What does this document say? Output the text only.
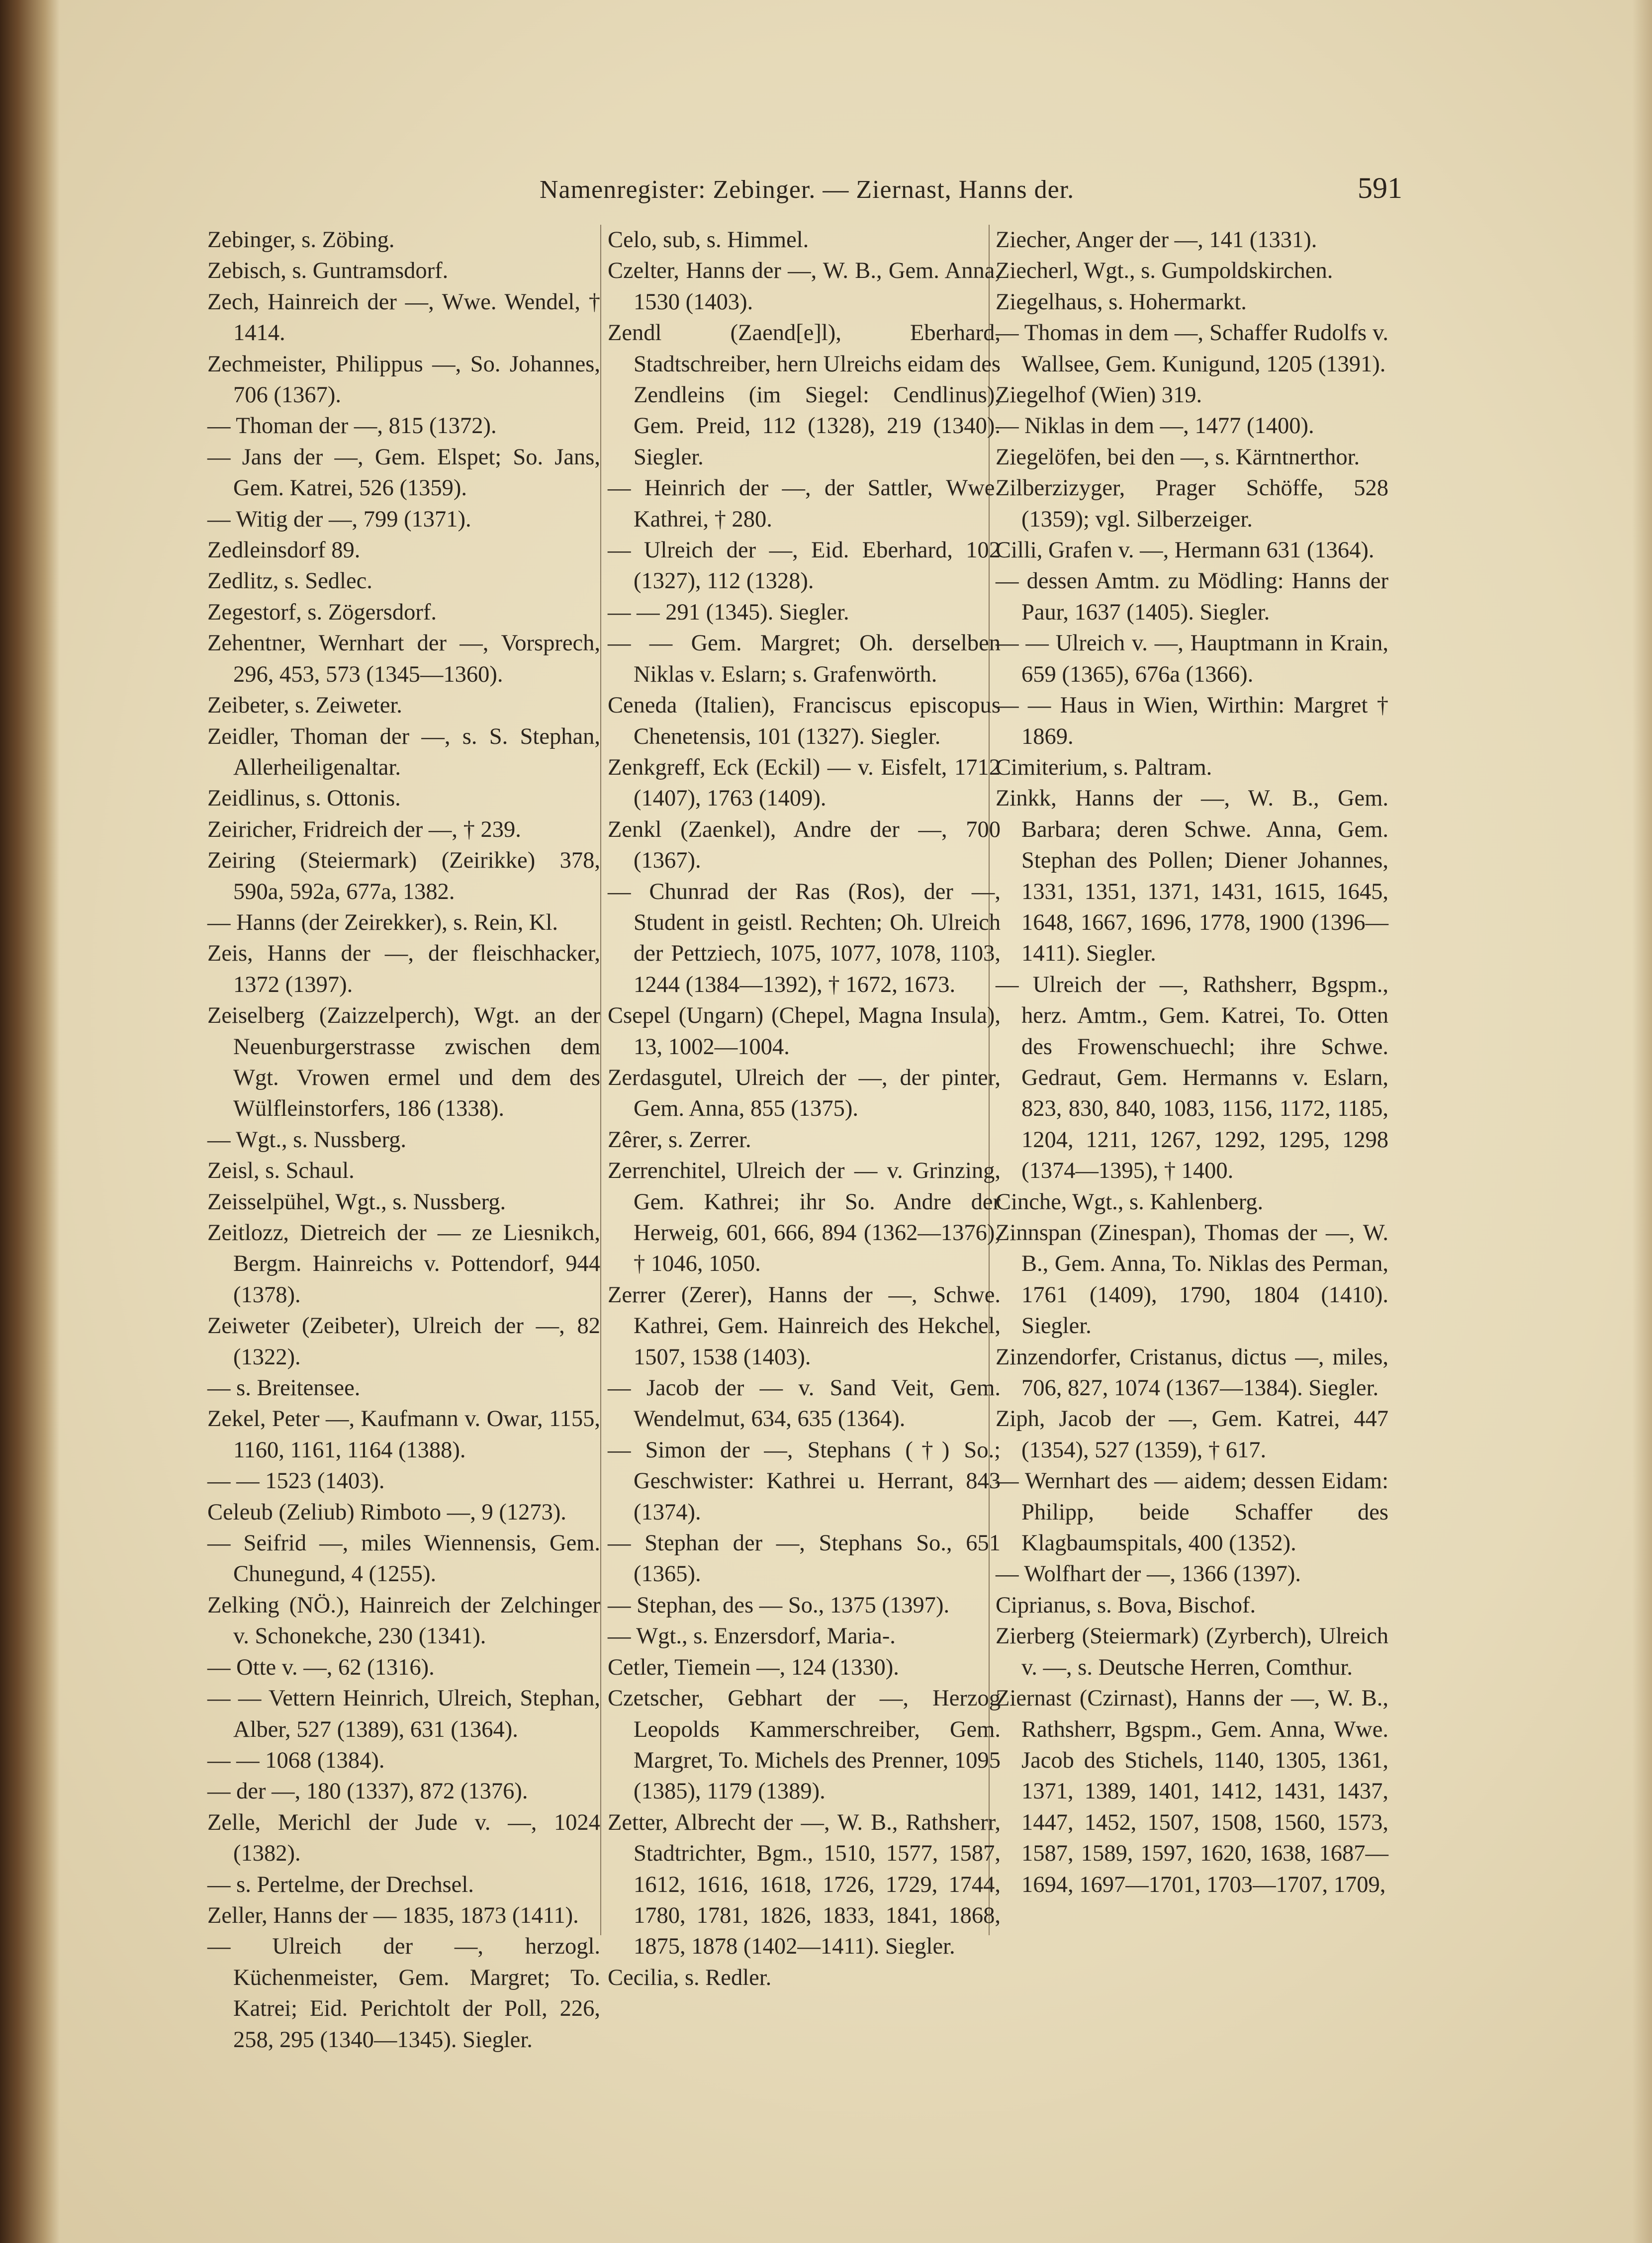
Namenregister: Zebinger. — Ziernast, Hanns der.	591

Zebinger, s. Zöbing.

Zebisch, s. Guntramsdorf.

Zech, Hainreich der —, Wwe. Wendel, † 1414.

Zechmeister, Philippus —, So. Johannes, 706 (1367).

— Thoman der —, 815 (1372).

— Jans der —, Gem. Elspet; So. Jans, Gem. Katrei, 526 (1359).

— Witig der —, 799 (1371).

Zedleinsdorf 89.

Zedlitz, s. Sedlec.

Zegestorf, s. Zögersdorf.

Zehentner, Wernhart der —, Vorsprech, 296, 453, 573 (1345—1360).

Zeibeter, s. Zeiweter.

Zeidler, Thoman der —, s. S. Stephan, Allerheiligenaltar.

Zeidlinus, s. Ottonis.

Zeiricher, Fridreich der —, † 239.

Zeiring (Steiermark) (Zeirikke) 378, 590a, 592a, 677a, 1382.

— Hanns (der Zeirekker), s. Rein, Kl.

Zeis, Hanns der —, der fleischhacker, 1372 (1397).

Zeiselberg (Zaizzelperch), Wgt. an der Neuenburgerstrasse zwischen dem Wgt. Vrowen ermel und dem des Wülfleinstorfers, 186 (1338).

— Wgt., s. Nussberg.

Zeisl, s. Schaul.

Zeisselpühel, Wgt., s. Nussberg.

Zeitlozz, Dietreich der — ze Liesnikch, Bergm. Hainreichs v. Pottendorf, 944 (1378).

Zeiweter (Zeibeter), Ulreich der —, 82 (1322).

— s. Breitensee.

Zekel, Peter —, Kaufmann v. Owar, 1155, 1160, 1161, 1164 (1388).

— — 1523 (1403).

Celeub (Zeliub) Rimboto —, 9 (1273).

— Seifrid —, miles Wiennensis, Gem. Chunegund, 4 (1255).

Zelking (NÖ.), Hainreich der Zelchinger v. Schonekche, 230 (1341).

— Otte v. —, 62 (1316).

— — Vettern Heinrich, Ulreich, Stephan, Alber, 527 (1389), 631 (1364).

— — 1068 (1384).

— der —, 180 (1337), 872 (1376).

Zelle, Merichl der Jude v. —, 1024 (1382).

— s. Pertelme, der Drechsel.

Zeller, Hanns der — 1835, 1873 (1411).

— Ulreich der —, herzogl. Küchenmeister, Gem. Margret; To. Katrei; Eid. Perichtolt der Poll, 226, 258, 295 (1340—1345). Siegler.

Celo, sub, s. Himmel.

Czelter, Hanns der —, W. B., Gem. Anna, 1530 (1403).

Zendl (Zaend[e]l), Eberhard, Stadtschreiber, hern Ulreichs eidam des Zendleins (im Siegel: Cendlinus), Gem. Preid, 112 (1328), 219 (1340). Siegler.

— Heinrich der —, der Sattler, Wwe. Kathrei, † 280.

— Ulreich der —, Eid. Eberhard, 102 (1327), 112 (1328).

— — 291 (1345). Siegler.

— — Gem. Margret; Oh. derselben Niklas v. Eslarn; s. Grafenwörth.

Ceneda (Italien), Franciscus episcopus Chenetensis, 101 (1327). Siegler.

Zenkgreff, Eck (Eckil) — v. Eisfelt, 1712 (1407), 1763 (1409).

Zenkl (Zaenkel), Andre der —, 700 (1367).

— Chunrad der Ras (Ros), der —, Student in geistl. Rechten; Oh. Ulreich der Pettziech, 1075, 1077, 1078, 1103, 1244 (1384—1392), † 1672, 1673.

Csepel (Ungarn) (Chepel, Magna Insula), 13, 1002—1004.

Zerdasgutel, Ulreich der —, der pinter, Gem. Anna, 855 (1375).

Zêrer, s. Zerrer.

Zerrenchitel, Ulreich der — v. Grinzing, Gem. Kathrei; ihr So. Andre der Herweig, 601, 666, 894 (1362—1376), † 1046, 1050.

Zerrer (Zerer), Hanns der —, Schwe. Kathrei, Gem. Hainreich des Hekchel, 1507, 1538 (1403).

— Jacob der — v. Sand Veit, Gem. Wendelmut, 634, 635 (1364).

— Simon der —, Stephans (†) So.; Geschwister: Kathrei u. Herrant, 843 (1374).

— Stephan der —, Stephans So., 651 (1365).

— Stephan, des — So., 1375 (1397).

— Wgt., s. Enzersdorf, Maria-.

Cetler, Tiemein —, 124 (1330).

Czetscher, Gebhart der —, Herzog Leopolds Kammerschreiber, Gem. Margret, To. Michels des Prenner, 1095 (1385), 1179 (1389).

Zetter, Albrecht der —, W. B., Rathsherr, Stadtrichter, Bgm., 1510, 1577, 1587, 1612, 1616, 1618, 1726, 1729, 1744, 1780, 1781, 1826, 1833, 1841, 1868, 1875, 1878 (1402—1411). Siegler.

Cecilia, s. Redler.

Ziecher, Anger der —, 141 (1331).

Ziecherl, Wgt., s. Gumpoldskirchen.

Ziegelhaus, s. Hohermarkt.

— Thomas in dem —, Schaffer Rudolfs v. Wallsee, Gem. Kunigund, 1205 (1391).

Ziegelhof (Wien) 319.

— Niklas in dem —, 1477 (1400).

Ziegelöfen, bei den —, s. Kärntnerthor.

Zilberzizyger, Prager Schöffe, 528 (1359); vgl. Silberzeiger.

Cilli, Grafen v. —, Hermann 631 (1364).

— dessen Amtm. zu Mödling: Hanns der Paur, 1637 (1405). Siegler.

— — Ulreich v. —, Hauptmann in Krain, 659 (1365), 676a (1366).

— — Haus in Wien, Wirthin: Margret † 1869.

Cimiterium, s. Paltram.

Zinkk, Hanns der —, W. B., Gem. Barbara; deren Schwe. Anna, Gem. Stephan des Pollen; Diener Johannes, 1331, 1351, 1371, 1431, 1615, 1645, 1648, 1667, 1696, 1778, 1900 (1396—1411). Siegler.

— Ulreich der —, Rathsherr, Bgspm., herz. Amtm., Gem. Katrei, To. Otten des Frowenschuechl; ihre Schwe. Gedraut, Gem. Hermanns v. Eslarn, 823, 830, 840, 1083, 1156, 1172, 1185, 1204, 1211, 1267, 1292, 1295, 1298 (1374—1395), † 1400.

Cinche, Wgt., s. Kahlenberg.

Zinnspan (Zinespan), Thomas der —, W. B., Gem. Anna, To. Niklas des Perman, 1761 (1409), 1790, 1804 (1410). Siegler.

Zinzendorfer, Cristanus, dictus —, miles, 706, 827, 1074 (1367—1384). Siegler.

Ziph, Jacob der —, Gem. Katrei, 447 (1354), 527 (1359), † 617.

— Wernhart des — aidem; dessen Eidam: Philipp, beide Schaffer des Klagbaumspitals, 400 (1352).

— Wolfhart der —, 1366 (1397).

Ciprianus, s. Bova, Bischof.

Zierberg (Steiermark) (Zyrberch), Ulreich v. —, s. Deutsche Herren, Comthur.

Ziernast (Czirnast), Hanns der —, W. B., Rathsherr, Bgspm., Gem. Anna, Wwe. Jacob des Stichels, 1140, 1305, 1361, 1371, 1389, 1401, 1412, 1431, 1437, 1447, 1452, 1507, 1508, 1560, 1573, 1587, 1589, 1597, 1620, 1638, 1687—1694, 1697—1701, 1703—1707, 1709,
